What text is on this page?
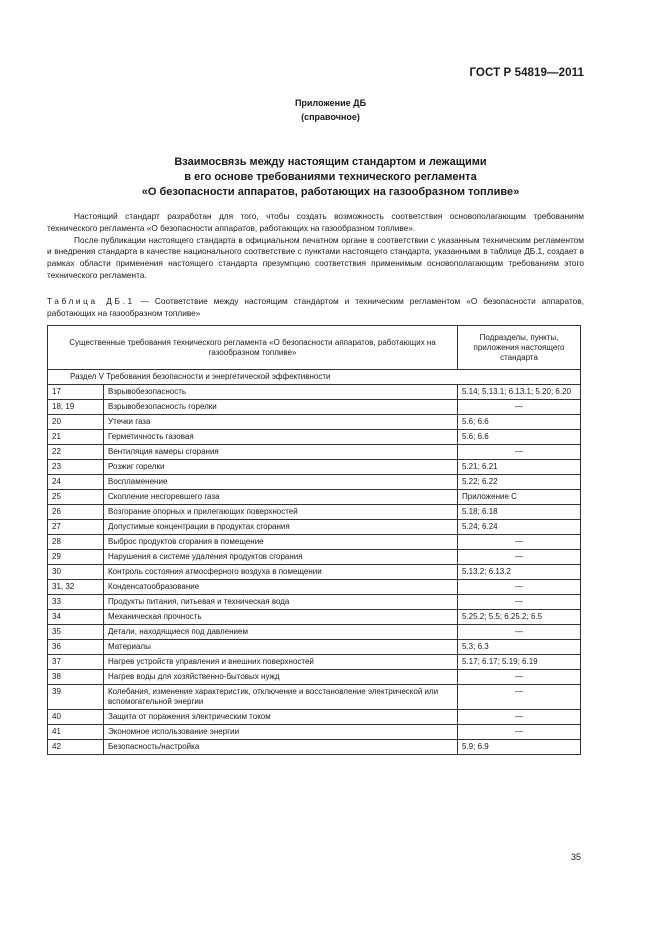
ГОСТ Р 54819—2011
Приложение ДБ
(справочное)
Взаимосвязь между настоящим стандартом и лежащими
в его основе требованиями технического регламента
«О безопасности аппаратов, работающих на газообразном топливе»

Настоящий стандарт разработан для того, чтобы создать возможность соответствия основополагающим требованиям технического регламента «О безопасности аппаратов, работающих на газообразном топливе».

После публикации настоящего стандарта в официальном печатном органе в соответствии с указанным техническим регламентом и внедрения стандарта в качестве национального соответствие с пунктами настоящего стандарта, указанными в таблице ДБ.1, создает в рамках области применения настоящего стандарта презумпцию соответствия применимым основополагающим требованиям этого технического регламента.

Таблица ДБ.1 — Соответствие между настоящим стандартом и техническим регламентом «О безопасности аппаратов, работающих на газообразном топливе»
Существенные требования технического регламента «О безопасности аппаратов, работающих на газообразном топливе»		Подразделы, пункты, приложения настоящего стандарта
Раздел V Требования безопасности и энергетической эффективности		
17	Взрывобезопасность	5.14; 5.13.1; 6.13.1; 5.20; 6.20
18, 19	Взрывобезопасность горелки	—
20	Утечки газа	5.6; 6.6
21	Герметичность газовая	5.6; 6.6
22	Вентиляция камеры сгорания	—
23	Розжиг горелки	5.21; 6.21
24	Воспламенение	5.22; 6.22
25	Скопление несгоревшего газа	Приложение С
26	Возгорание опорных и прилегающих поверхностей	5.18; 6.18
27	Допустимые концентрации в продуктах сгорания	5.24; 6.24
28	Выброс продуктов сгорания в помещение	—
29	Нарушения в системе удаления продуктов сгорания	—
30	Контроль состояния атмосферного воздуха в помещении	5.13.2; 6.13.2
31, 32	Конденсатообразование	—
33	Продукты питания, питьевая и техническая вода	—
34	Механическая прочность	5.25.2; 5.5; 6.25.2; 6.5
35	Детали, находящиеся под давлением	—
36	Материалы	5.3; 6.3
37	Нагрев устройств управления и внешних поверхностей	5.17; 6.17; 5.19; 6.19
38	Нагрев воды для хозяйственно-бытовых нужд	—
39	Колебания, изменение характеристик, отключение и восстановление электрической или вспомогательной энергии	—
40	Защита от поражения электрическим током	—
41	Экономное использование энергии	—
42	Безопасность/настройка	5.9; 6.9
35
